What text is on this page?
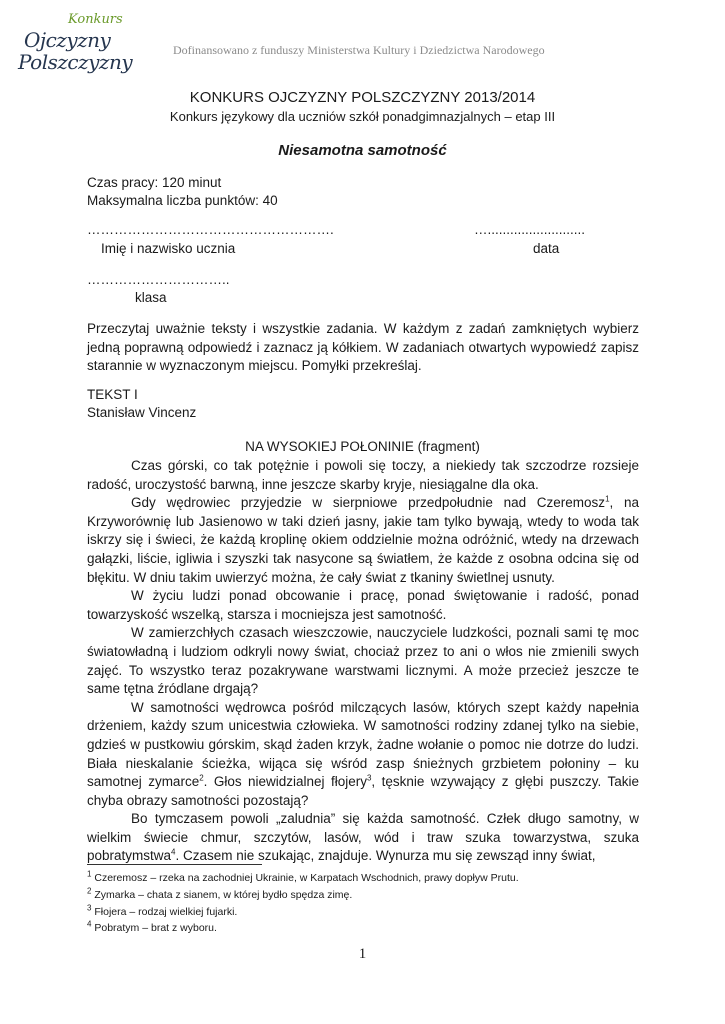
Konkurs
Ojczyzny
Polszczyzny	Dofinansowano z funduszy Ministerstwa Kultury i Dziedzictwa Narodowego
KONKURS OJCZYZNY POLSZCZYZNY 2013/2014
Konkurs językowy dla uczniów szkół ponadgimnazjalnych – etap III
Niesamotna samotność
Czas pracy: 120 minut
Maksymalna liczba punktów: 40
……………………………………………….	…..........................
Imię i nazwisko ucznia	data
…………………………..
klasa
Przeczytaj uważnie teksty i wszystkie zadania. W każdym z zadań zamkniętych wybierz jedną poprawną odpowiedź i zaznacz ją kółkiem. W zadaniach otwartych wypowiedź zapisz starannie w wyznaczonym miejscu. Pomyłki przekreślaj.
TEKST I
Stanisław Vincenz
NA WYSOKIEJ POŁONINIE (fragment)
Czas górski, co tak potężnie i powoli się toczy, a niekiedy tak szczodrze rozsieje radość, uroczystość barwną, inne jeszcze skarby kryje, niesiągalne dla oka.
Gdy wędrowiec przyjedzie w sierpniowe przedpołudnie nad Czeremosz$^1$, na Krzyworównię lub Jasienowo w taki dzień jasny, jakie tam tylko bywają, wtedy to woda tak iskrzy się i świeci, że każdą kroplinę okiem oddzielnie można odróżnić, wtedy na drzewach gałązki, liście, igliwia i szyszki tak nasycone są światłem, że każde z osobna odcina się od błękitu. W dniu takim uwierzyć można, że cały świat z tkaniny świetlnej usnuty.
W życiu ludzi ponad obcowanie i pracę, ponad świętowanie i radość, ponad towarzyskość wszelką, starsza i mocniejsza jest samotność.
W zamierzchłych czasach wieszczowie, nauczyciele ludzkości, poznali sami tę moc światowładną i ludziom odkryli nowy świat, chociaż przez to ani o włos nie zmienili swych zajęć. To wszystko teraz pozakrywane warstwami licznymi. A może przecież jeszcze te same tętna źródlane drgają?
W samotności wędrowca pośród milczących lasów, których szept każdy napełnia drżeniem, każdy szum unicestwia człowieka. W samotności rodziny zdanej tylko na siebie, gdzieś w pustkowiu górskim, skąd żaden krzyk, żadne wołanie o pomoc nie dotrze do ludzi. Biała nieskalanie ścieżka, wijąca się wśród zasp śnieżnych grzbietem połoniny – ku samotnej zymarce$^2$. Głos niewidzialnej fłojery$^3$, tęsknie wzywający z głębi puszczy. Takie chyba obrazy samotności pozostają?
Bo tymczasem powoli „zaludnia” się każda samotność. Człek długo samotny, w wielkim świecie chmur, szczytów, lasów, wód i traw szuka towarzystwa, szuka pobratymstwa$^4$. Czasem nie szukając, znajduje. Wynurza mu się zewsząd inny świat,
$^1$ Czeremosz – rzeka na zachodniej Ukrainie, w Karpatach Wschodnich, prawy dopływ Prutu.
$^2$ Zymarka – chata z sianem, w której bydło spędza zimę.
$^3$ Fłojera – rodzaj wielkiej fujarki.
$^4$ Pobratym – brat z wyboru.
1
